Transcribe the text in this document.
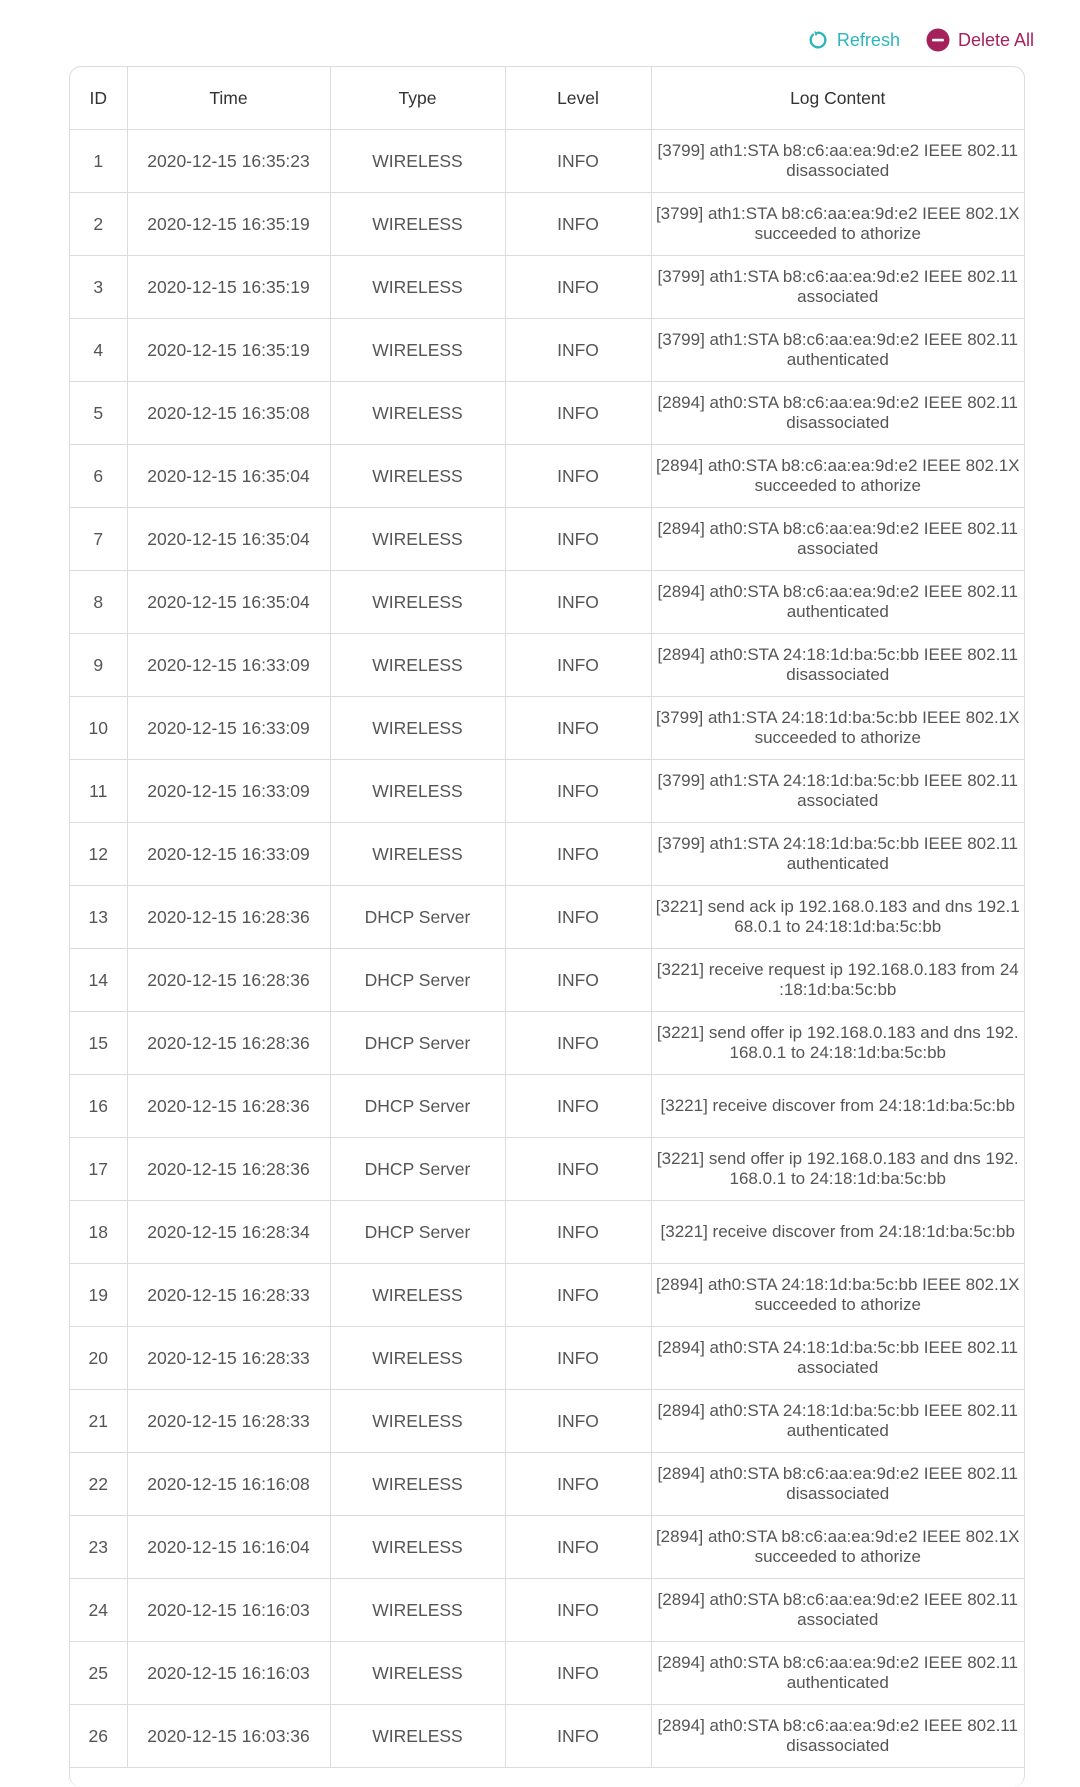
Refresh	Delete All
ID	Time	Type	Level	Log Content
1	2020-12-15 16:35:23	WIRELESS	INFO	[3799] ath1:STA b8:c6:aa:ea:9d:e2 IEEE 802.11
disassociated

2	2020-12-15 16:35:19	WIRELESS	INFO	[3799] ath1:STA b8:c6:aa:ea:9d:e2 IEEE 802.1X
succeeded to athorize

3	2020-12-15 16:35:19	WIRELESS	INFO	[3799] ath1:STA b8:c6:aa:ea:9d:e2 IEEE 802.11
associated

4	2020-12-15 16:35:19	WIRELESS	INFO	[3799] ath1:STA b8:c6:aa:ea:9d:e2 IEEE 802.11
authenticated

5	2020-12-15 16:35:08	WIRELESS	INFO	[2894] ath0:STA b8:c6:aa:ea:9d:e2 IEEE 802.11
disassociated

6	2020-12-15 16:35:04	WIRELESS	INFO	[2894] ath0:STA b8:c6:aa:ea:9d:e2 IEEE 802.1X
succeeded to athorize

7	2020-12-15 16:35:04	WIRELESS	INFO	[2894] ath0:STA b8:c6:aa:ea:9d:e2 IEEE 802.11
associated

8	2020-12-15 16:35:04	WIRELESS	INFO	[2894] ath0:STA b8:c6:aa:ea:9d:e2 IEEE 802.11
authenticated

9	2020-12-15 16:33:09	WIRELESS	INFO	[2894] ath0:STA 24:18:1d:ba:5c:bb IEEE 802.11
disassociated

10	2020-12-15 16:33:09	WIRELESS	INFO	[3799] ath1:STA 24:18:1d:ba:5c:bb IEEE 802.1X
succeeded to athorize

11	2020-12-15 16:33:09	WIRELESS	INFO	[3799] ath1:STA 24:18:1d:ba:5c:bb IEEE 802.11
associated

12	2020-12-15 16:33:09	WIRELESS	INFO	[3799] ath1:STA 24:18:1d:ba:5c:bb IEEE 802.11
authenticated

13	2020-12-15 16:28:36	DHCP Server	INFO	[3221] send ack ip 192.168.0.183 and dns 192.1
68.0.1 to 24:18:1d:ba:5c:bb

14	2020-12-15 16:28:36	DHCP Server	INFO	[3221] receive request ip 192.168.0.183 from 24
:18:1d:ba:5c:bb

15	2020-12-15 16:28:36	DHCP Server	INFO	[3221] send offer ip 192.168.0.183 and dns 192.
168.0.1 to 24:18:1d:ba:5c:bb

16	2020-12-15 16:28:36	DHCP Server	INFO	[3221] receive discover from 24:18:1d:ba:5c:bb

17	2020-12-15 16:28:36	DHCP Server	INFO	[3221] send offer ip 192.168.0.183 and dns 192.
168.0.1 to 24:18:1d:ba:5c:bb

18	2020-12-15 16:28:34	DHCP Server	INFO	[3221] receive discover from 24:18:1d:ba:5c:bb

19	2020-12-15 16:28:33	WIRELESS	INFO	[2894] ath0:STA 24:18:1d:ba:5c:bb IEEE 802.1X
succeeded to athorize

20	2020-12-15 16:28:33	WIRELESS	INFO	[2894] ath0:STA 24:18:1d:ba:5c:bb IEEE 802.11
associated

21	2020-12-15 16:28:33	WIRELESS	INFO	[2894] ath0:STA 24:18:1d:ba:5c:bb IEEE 802.11
authenticated

22	2020-12-15 16:16:08	WIRELESS	INFO	[2894] ath0:STA b8:c6:aa:ea:9d:e2 IEEE 802.11
disassociated

23	2020-12-15 16:16:04	WIRELESS	INFO	[2894] ath0:STA b8:c6:aa:ea:9d:e2 IEEE 802.1X
succeeded to athorize

24	2020-12-15 16:16:03	WIRELESS	INFO	[2894] ath0:STA b8:c6:aa:ea:9d:e2 IEEE 802.11
associated

25	2020-12-15 16:16:03	WIRELESS	INFO	[2894] ath0:STA b8:c6:aa:ea:9d:e2 IEEE 802.11
authenticated

26	2020-12-15 16:03:36	WIRELESS	INFO	[2894] ath0:STA b8:c6:aa:ea:9d:e2 IEEE 802.11
disassociated
